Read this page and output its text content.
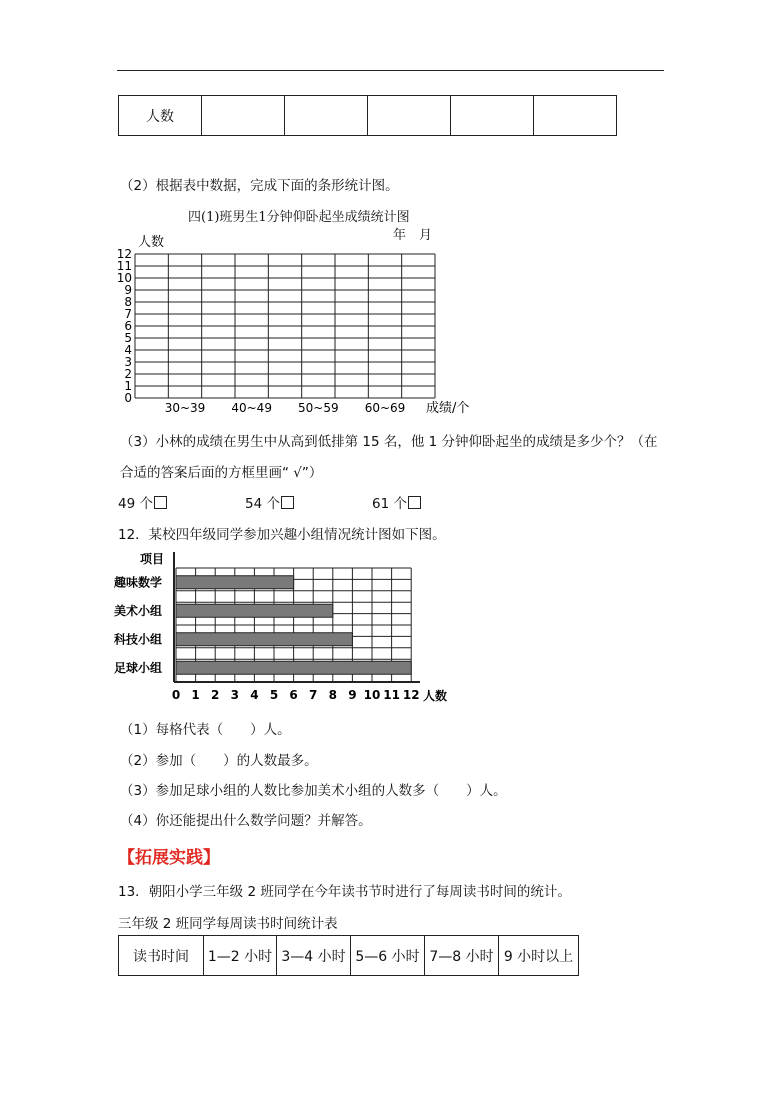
人数					
（2）根据表中数据，完成下面的条形统计图。
四(1)班男生1分钟仰卧起坐成绩统计图
年　月
人数
12
11
10
9
8
7
6
5
4
3
2
1
0
30~39 40~49 50~59 60~69 成绩/个
（3）小林的成绩在男生中从高到低排第 15 名，他 1 分钟仰卧起坐的成绩是多少个？（在
合适的答案后面的方框里画“ √”）
49 个	54 个	61 个
12．某校四年级同学参加兴趣小组情况统计图如下图。
项目
趣味数学
美术小组
科技小组
足球小组
0 1 2 3 4 5 6 7 8 9 10 11 12 人数
（1）每格代表（　　）人。
（2）参加（　　）的人数最多。
（3）参加足球小组的人数比参加美术小组的人数多（　　）人。
（4）你还能提出什么数学问题？并解答。
【拓展实践】
13．朝阳小学三年级 2 班同学在今年读书节时进行了每周读书时间的统计。
三年级 2 班同学每周读书时间统计表
读书时间	1—2 小时	3—4 小时	5—6 小时	7—8 小时	9 小时以上
